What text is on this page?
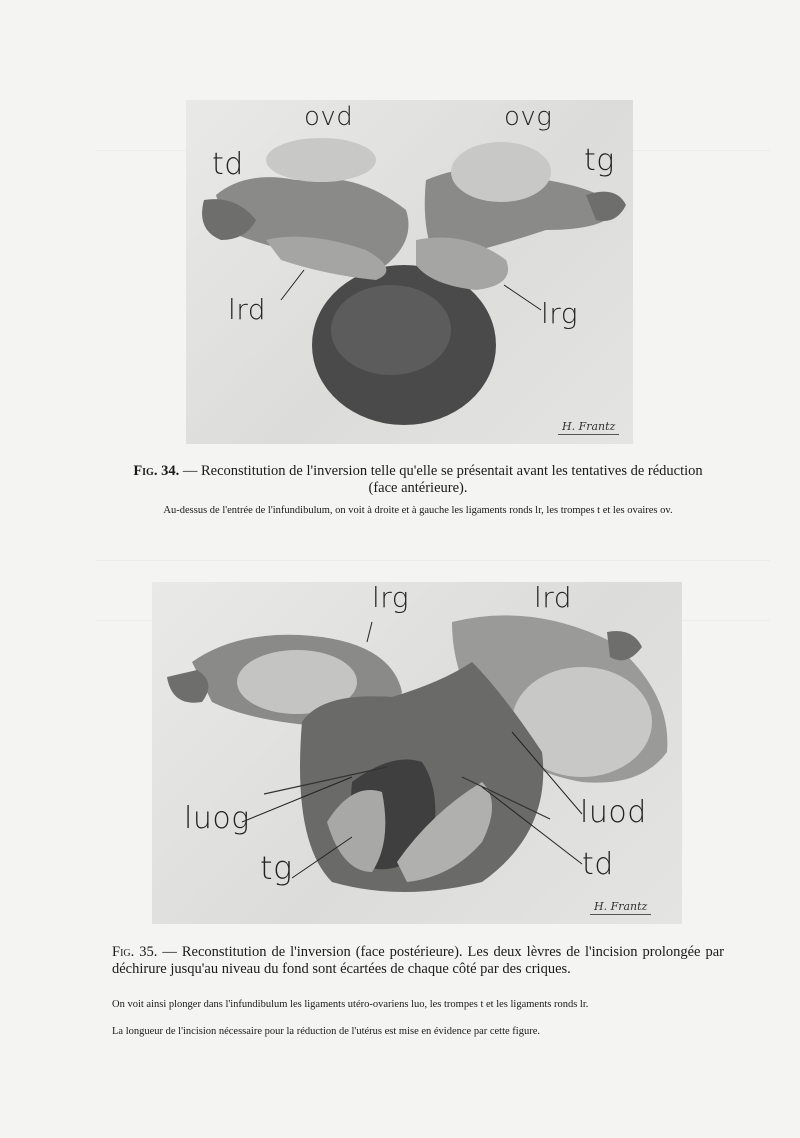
ovd	ovg
td	tg
lrd	lrg
H. Frantz
Fig. 34. — Reconstitution de l'inversion telle qu'elle se présentait avant les tentatives de réduction (face antérieure).
Au-dessus de l'entrée de l'infundibulum, on voit à droite et à gauche les ligaments ronds lr, les trompes t et les ovaires ov.
lrg	lrd
luog	luod
tg	td
H. Frantz
Fig. 35. — Reconstitution de l'inversion (face postérieure). Les deux lèvres de l'incision prolongée par déchirure jusqu'au niveau du fond sont écartées de chaque côté par des criques.
On voit ainsi plonger dans l'infundibulum les ligaments utéro-ovariens luo, les trompes t et les ligaments ronds lr.
La longueur de l'incision nécessaire pour la réduction de l'utérus est mise en évidence par cette figure.
